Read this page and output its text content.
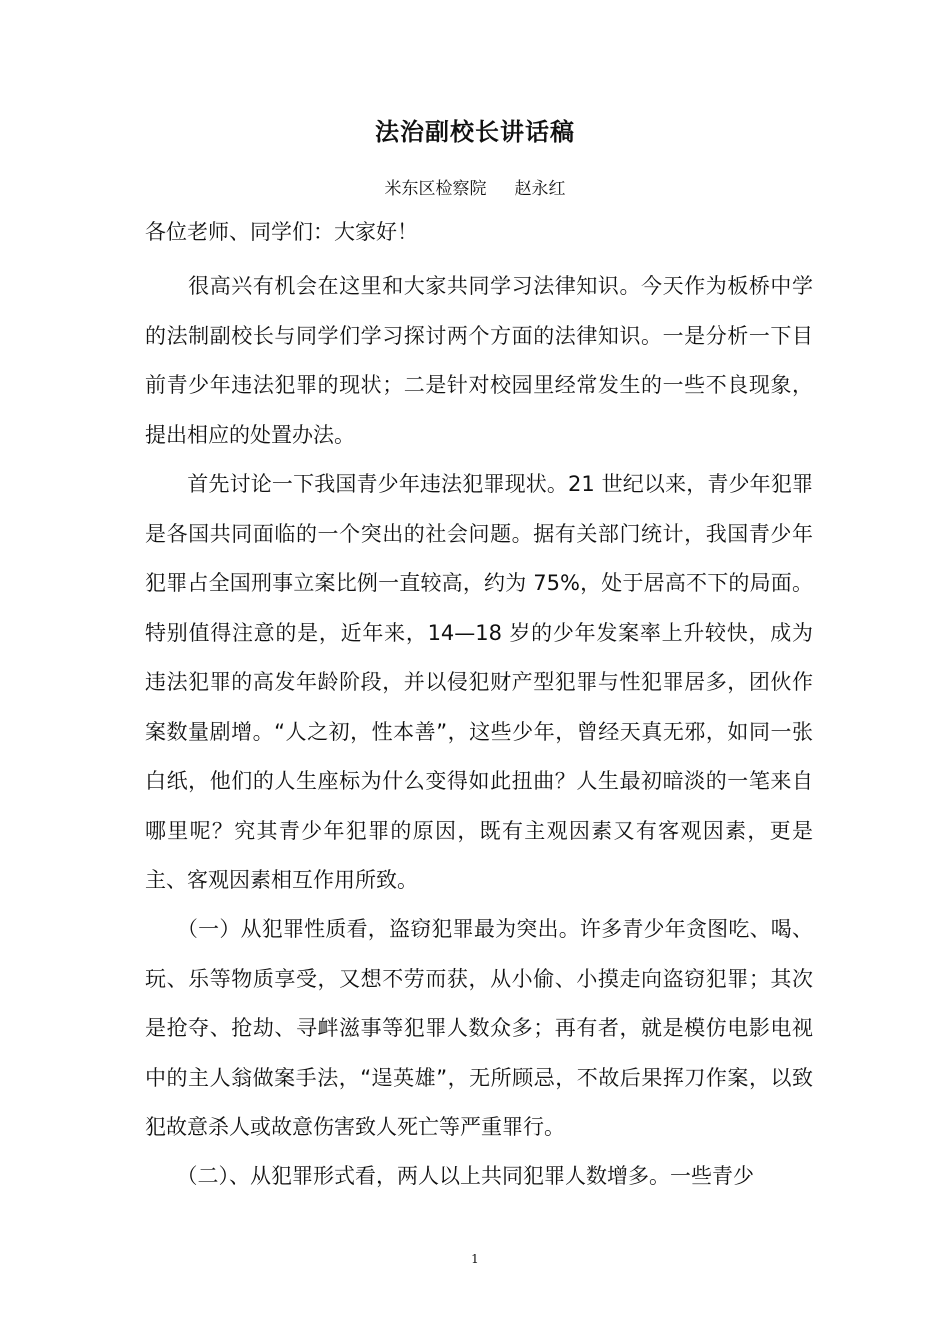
法治副校长讲话稿
米东区检察院 赵永红
各位老师、同学们：大家好！

　　很高兴有机会在这里和大家共同学习法律知识。今天作为板桥中学的法制副校长与同学们学习探讨两个方面的法律知识。一是分析一下目前青少年违法犯罪的现状；二是针对校园里经常发生的一些不良现象，提出相应的处置办法。

　　首先讨论一下我国青少年违法犯罪现状。21 世纪以来，青少年犯罪是各国共同面临的一个突出的社会问题。据有关部门统计，我国青少年犯罪占全国刑事立案比例一直较高，约为 75%，处于居高不下的局面。特别值得注意的是，近年来，14—18 岁的少年发案率上升较快，成为违法犯罪的高发年龄阶段，并以侵犯财产型犯罪与性犯罪居多，团伙作案数量剧增。“人之初，性本善”，这些少年，曾经天真无邪，如同一张白纸，他们的人生座标为什么变得如此扭曲？人生最初暗淡的一笔来自哪里呢？究其青少年犯罪的原因，既有主观因素又有客观因素，更是主、客观因素相互作用所致。

　　（一）从犯罪性质看，盗窃犯罪最为突出。许多青少年贪图吃、喝、玩、乐等物质享受，又想不劳而获，从小偷、小摸走向盗窃犯罪；其次是抢夺、抢劫、寻衅滋事等犯罪人数众多；再有者，就是模仿电影电视中的主人翁做案手法，“逞英雄”，无所顾忌，不故后果挥刀作案，以致犯故意杀人或故意伤害致人死亡等严重罪行。

　　（二）、从犯罪形式看，两人以上共同犯罪人数增多。一些青少

1
